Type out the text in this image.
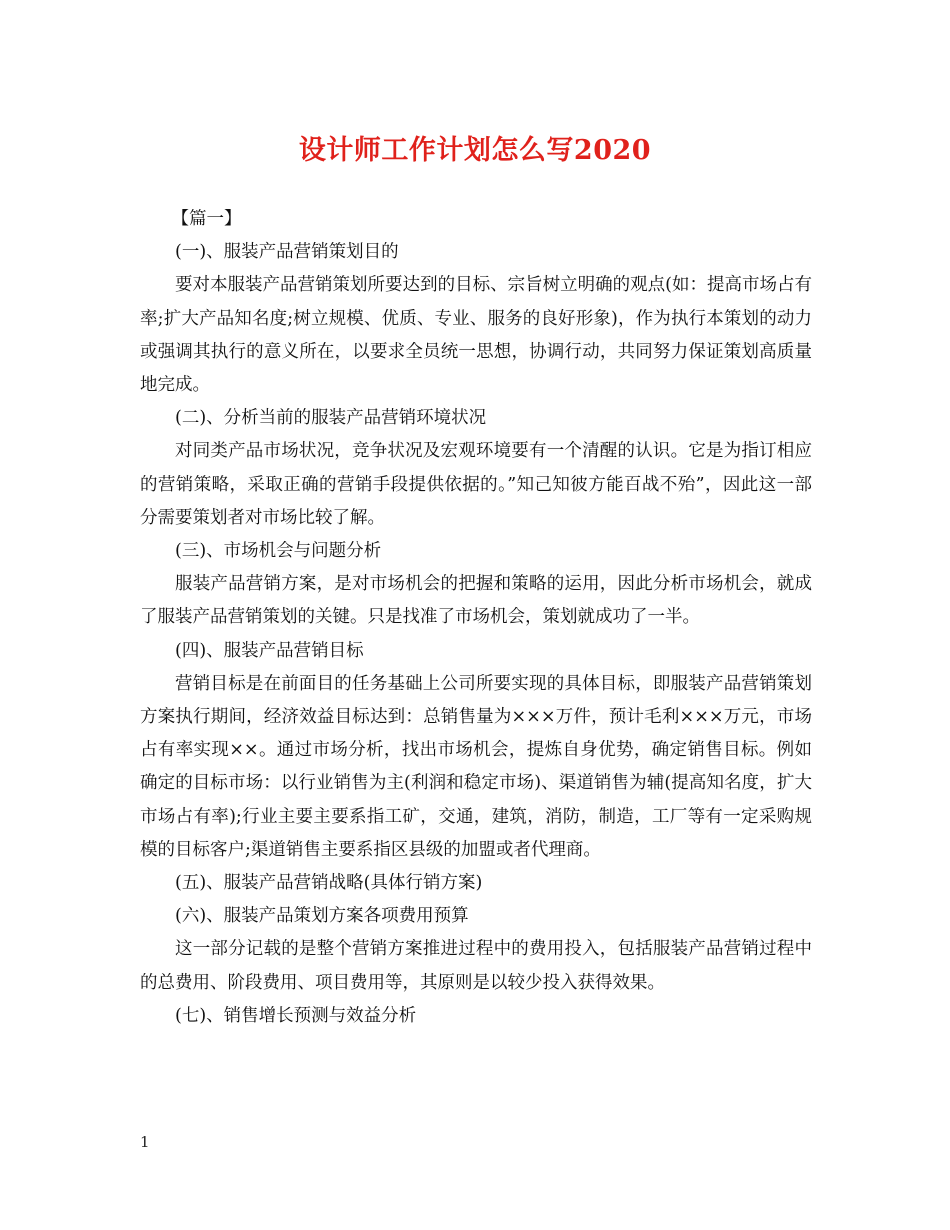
设计师工作计划怎么写2020

【篇一】

(一)、服装产品营销策划目的

要对本服装产品营销策划所要达到的目标、宗旨树立明确的观点(如：提高市场占有率;扩大产品知名度;树立规模、优质、专业、服务的良好形象)，作为执行本策划的动力或强调其执行的意义所在，以要求全员统一思想，协调行动，共同努力保证策划高质量地完成。

(二)、分析当前的服装产品营销环境状况

对同类产品市场状况，竞争状况及宏观环境要有一个清醒的认识。它是为指订相应的营销策略，采取正确的营销手段提供依据的。”知己知彼方能百战不殆”，因此这一部分需要策划者对市场比较了解。

(三)、市场机会与问题分析

服装产品营销方案，是对市场机会的把握和策略的运用，因此分析市场机会，就成了服装产品营销策划的关键。只是找准了市场机会，策划就成功了一半。

(四)、服装产品营销目标

营销目标是在前面目的任务基础上公司所要实现的具体目标，即服装产品营销策划方案执行期间，经济效益目标达到：总销售量为×××万件，预计毛利×××万元，市场占有率实现××。通过市场分析，找出市场机会，提炼自身优势，确定销售目标。例如确定的目标市场：以行业销售为主(利润和稳定市场)、渠道销售为辅(提高知名度，扩大市场占有率);行业主要主要系指工矿，交通，建筑，消防，制造，工厂等有一定采购规模的目标客户;渠道销售主要系指区县级的加盟或者代理商。

(五)、服装产品营销战略(具体行销方案)

(六)、服装产品策划方案各项费用预算

这一部分记载的是整个营销方案推进过程中的费用投入，包括服装产品营销过程中的总费用、阶段费用、项目费用等，其原则是以较少投入获得效果。

(七)、销售增长预测与效益分析

1
